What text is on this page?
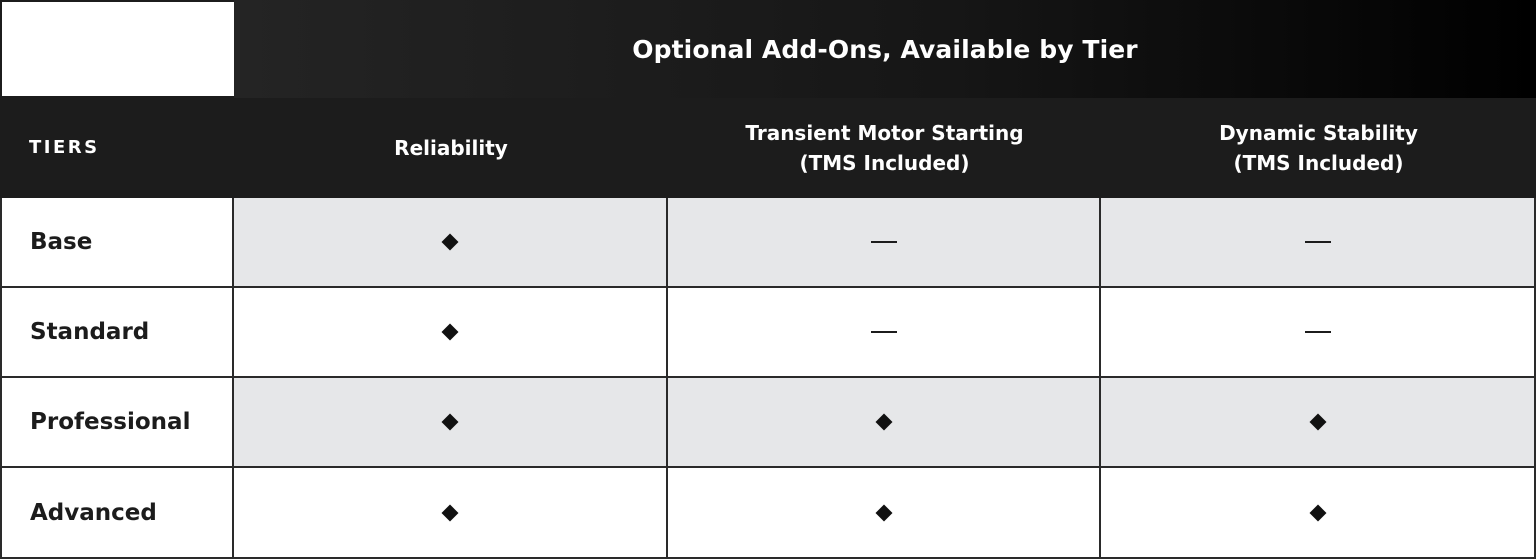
Optional Add-Ons, Available by Tier
TIERS	Reliability
Transient Motor Starting
(TMS Included)
Dynamic Stability
(TMS Included)
Base
Standard
Professional
Advanced
